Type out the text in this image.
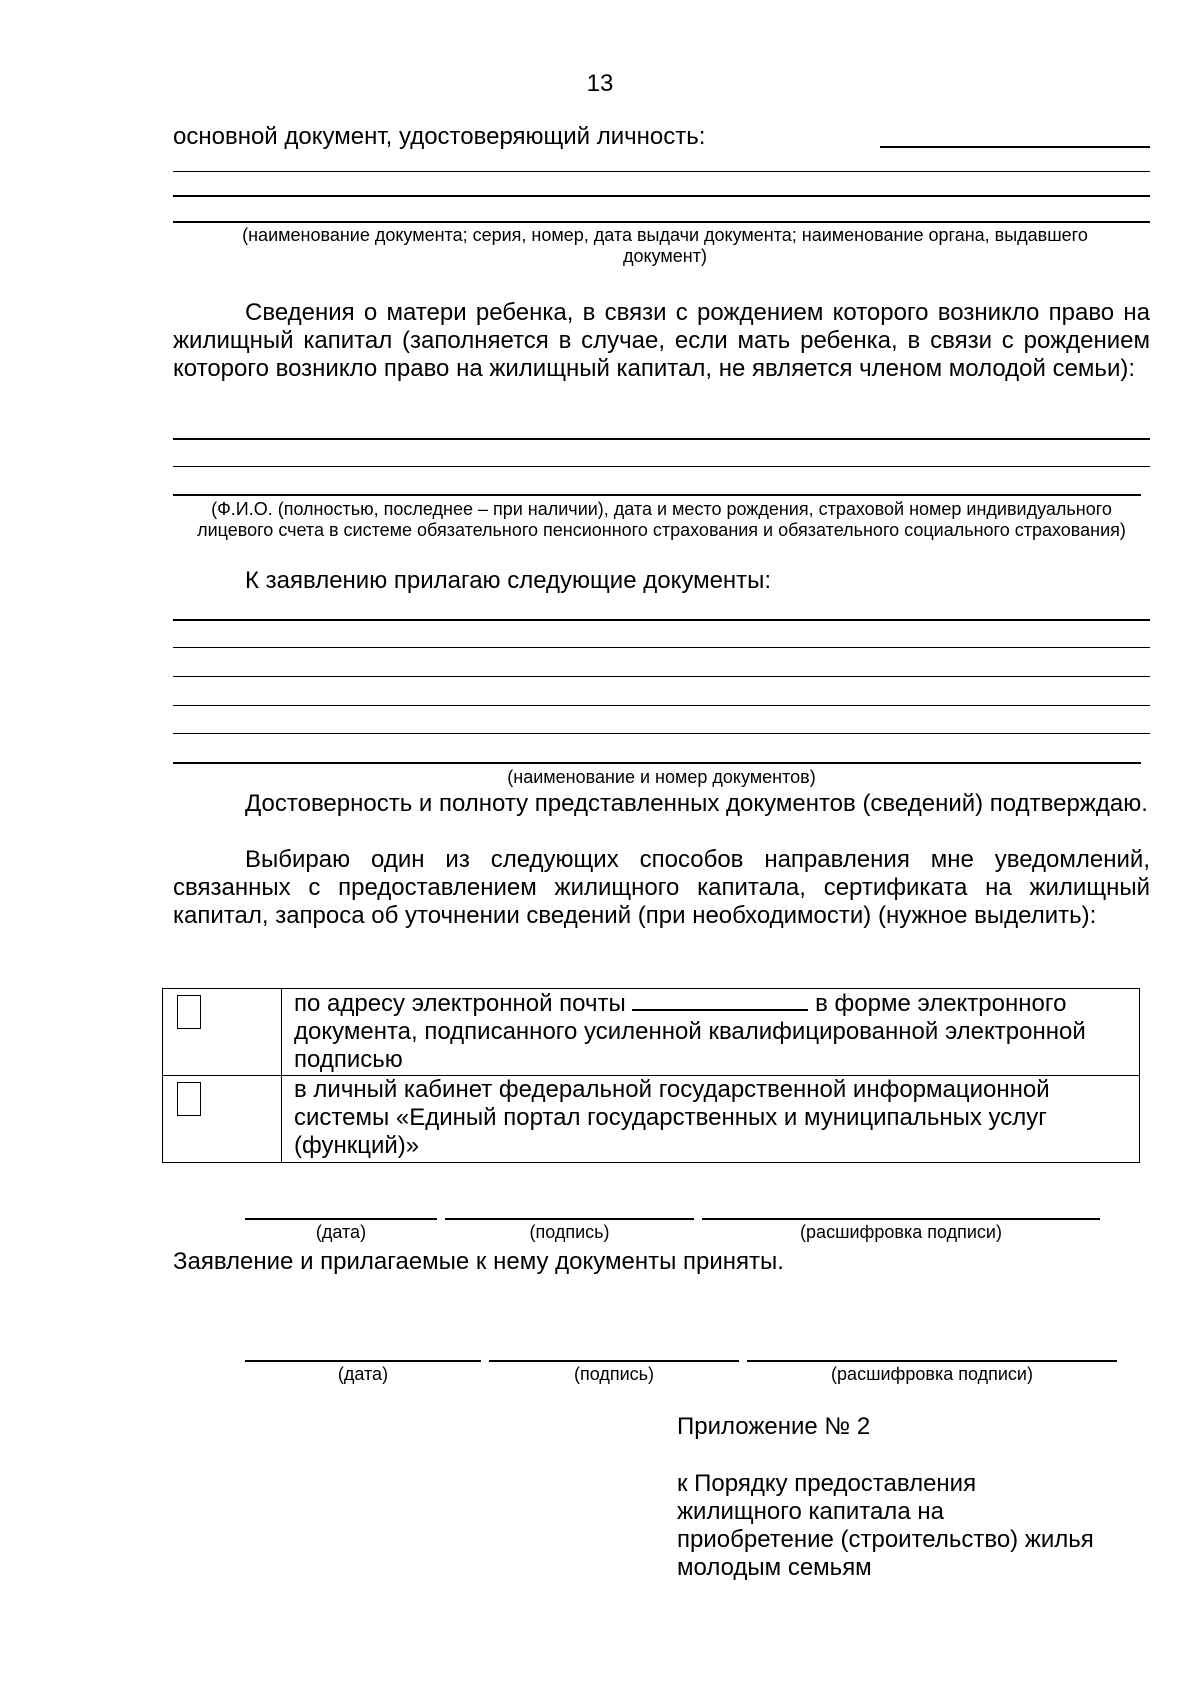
13
основной документ, удостоверяющий личность:
(наименование документа; серия, номер, дата выдачи документа; наименование органа, выдавшего документ)
Сведения о матери ребенка, в связи с рождением которого возникло право на жилищный капитал (заполняется в случае, если мать ребенка, в связи с рождением которого возникло право на жилищный капитал, не является членом молодой семьи):
(Ф.И.О. (полностью, последнее – при наличии), дата и место рождения, страховой номер индивидуального лицевого счета в системе обязательного пенсионного страхования и обязательного социального страхования)
К заявлению прилагаю следующие документы:
(наименование и номер документов)
Достоверность и полноту представленных документов (сведений) подтверждаю.
Выбираю один из следующих способов направления мне уведомлений, связанных с предоставлением жилищного капитала, сертификата на жилищный капитал, запроса об уточнении сведений (при необходимости) (нужное выделить):
	по адресу электронной почты в форме электронного документа, подписанного усиленной квалифицированной электронной подписью

	в личный кабинет федеральной государственной информационной системы «Единый портал государственных и муниципальных услуг (функций)»
(дата)	(подпись)	(расшифровка подписи)
Заявление и прилагаемые к нему документы приняты.
(дата)	(подпись)	(расшифровка подписи)
Приложение № 2
к Порядку предоставления
жилищного капитала на
приобретение (строительство) жилья
молодым семьям
